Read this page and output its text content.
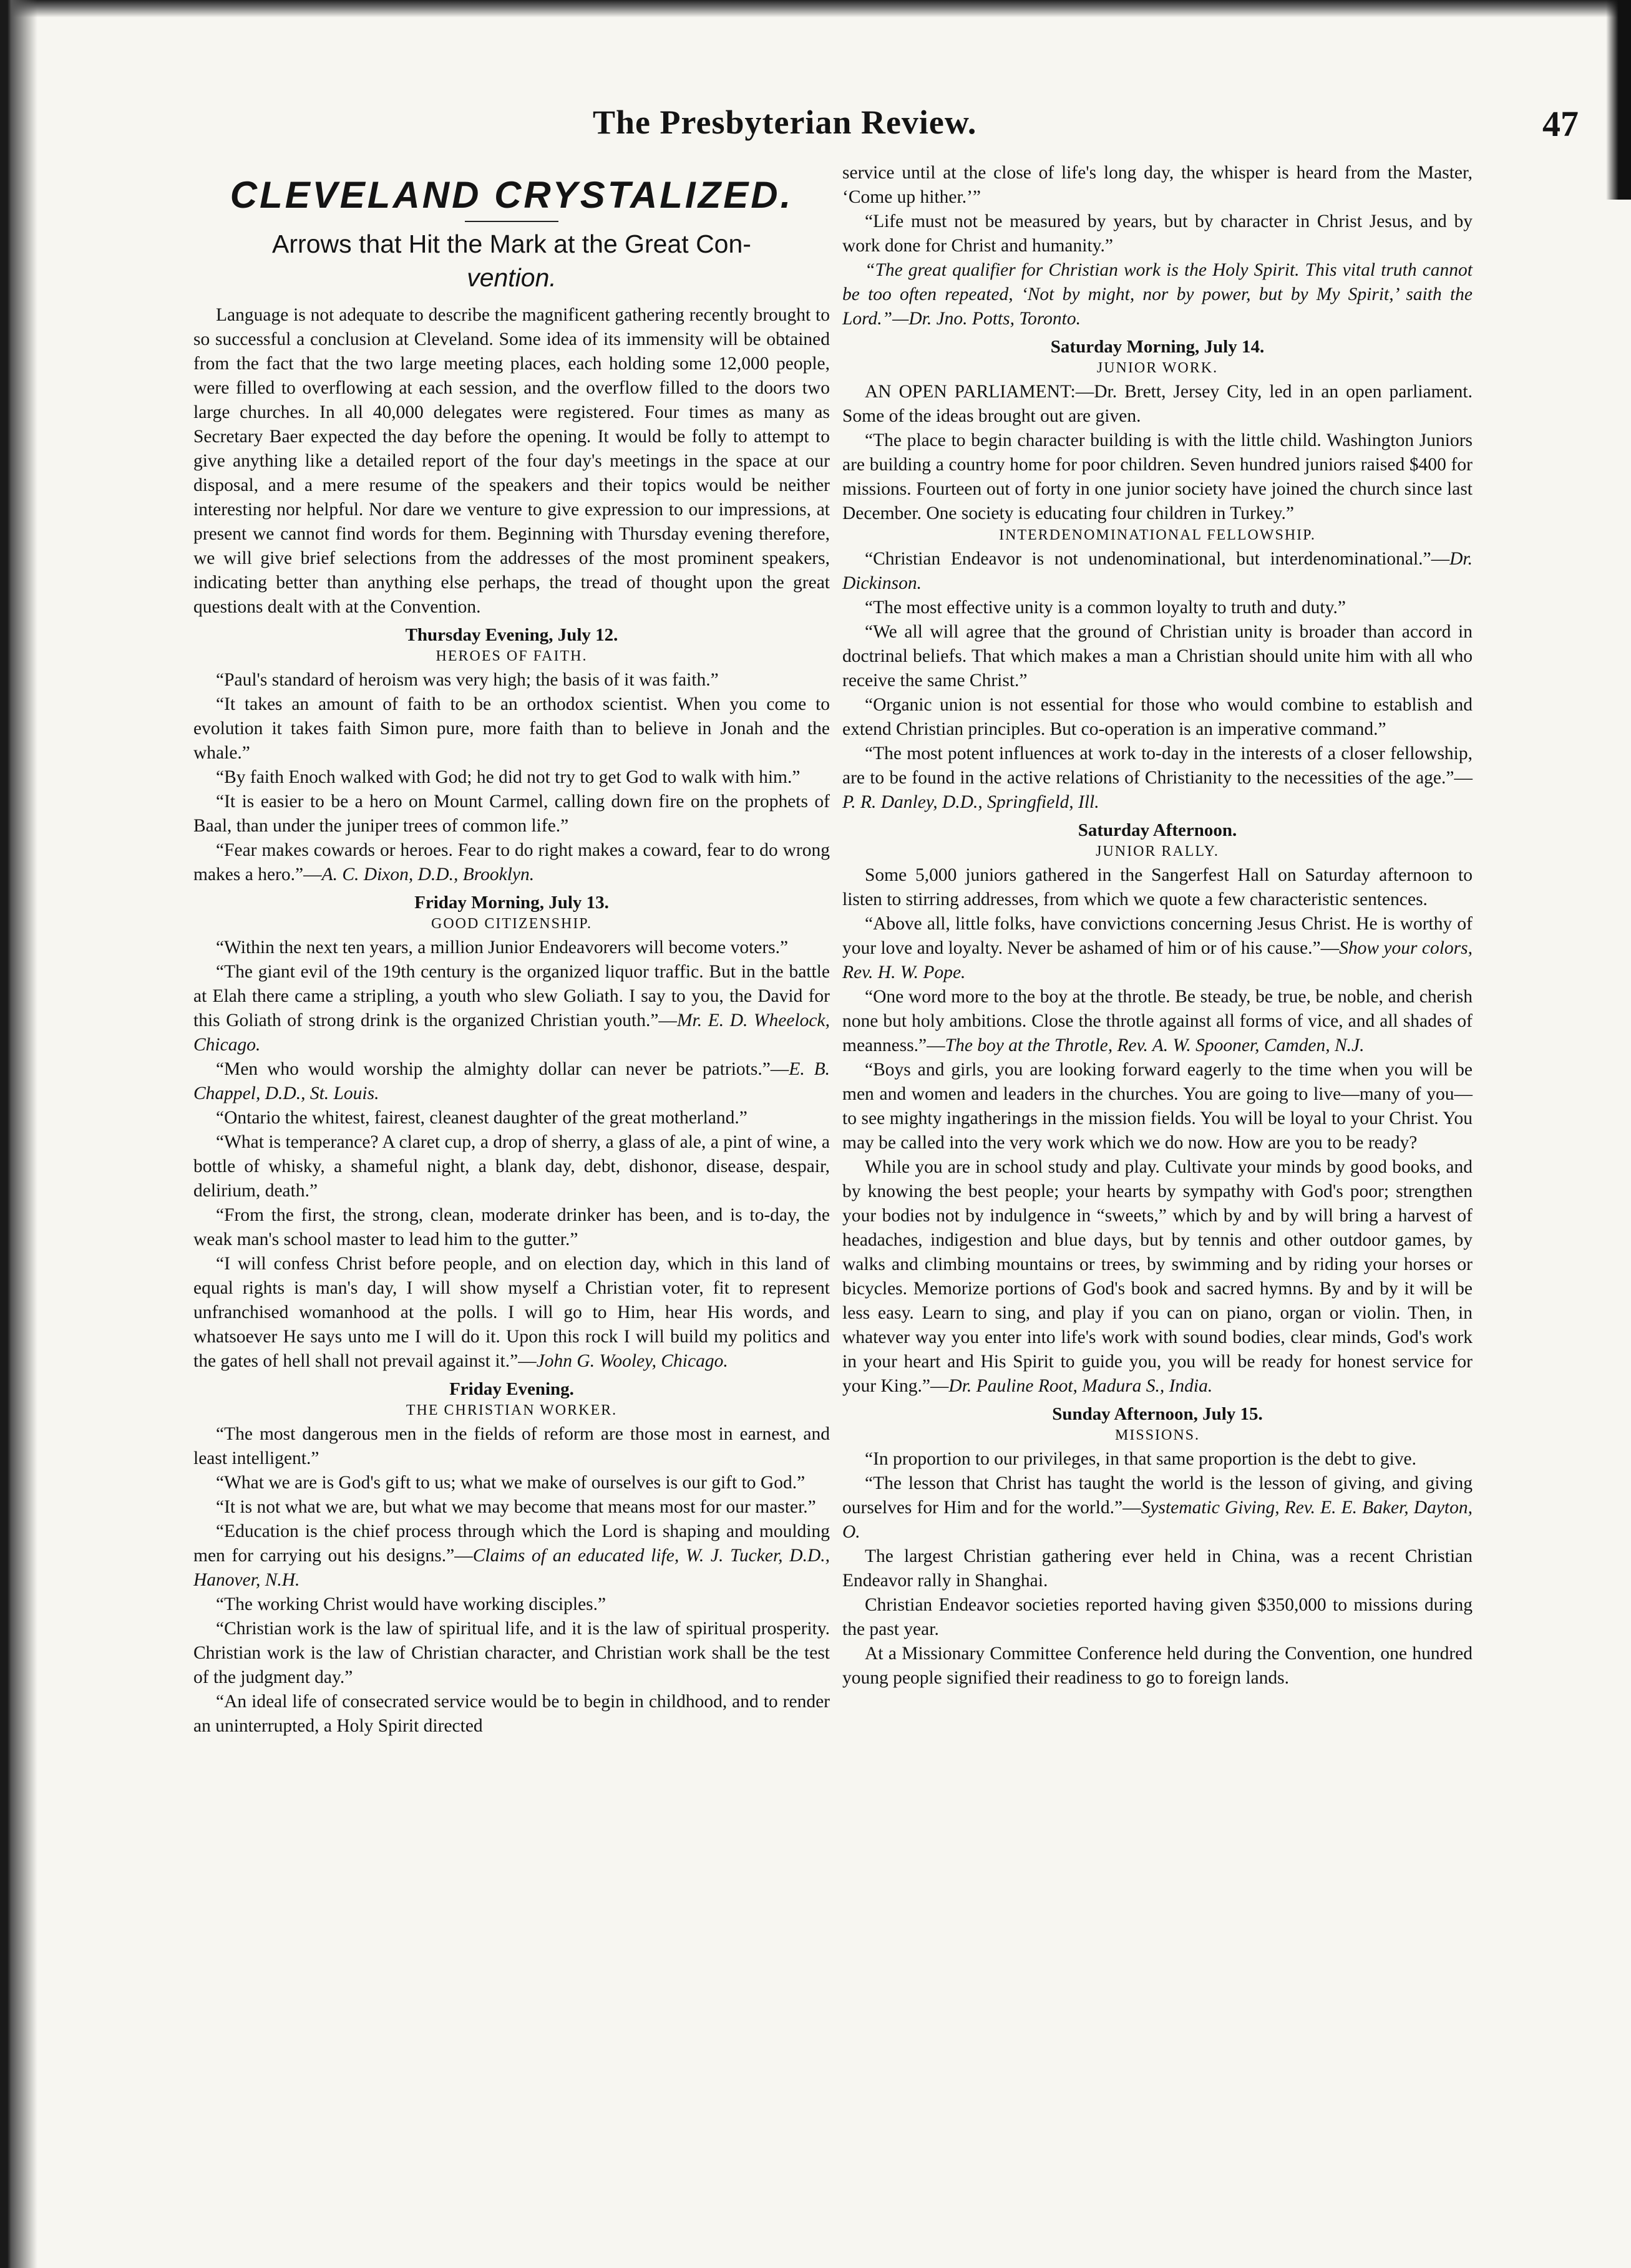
The Presbyterian Review.	47
CLEVELAND CRYSTALIZED.
Arrows that Hit the Mark at the Great Con-
vention.

Language is not adequate to describe the magnificent gathering recently brought to so successful a conclusion at Cleveland. Some idea of its immensity will be obtained from the fact that the two large meeting places, each holding some 12,000 people, were filled to overflowing at each session, and the overflow filled to the doors two large churches. In all 40,000 delegates were registered. Four times as many as Secretary Baer expected the day before the opening. It would be folly to attempt to give anything like a detailed report of the four day's meetings in the space at our disposal, and a mere resume of the speakers and their topics would be neither interesting nor helpful. Nor dare we venture to give expression to our impressions, at present we cannot find words for them. Beginning with Thursday evening therefore, we will give brief selections from the addresses of the most prominent speakers, indicating better than anything else perhaps, the tread of thought upon the great questions dealt with at the Convention.

Thursday Evening, July 12.
HEROES OF FAITH.

“Paul's standard of heroism was very high; the basis of it was faith.”

“It takes an amount of faith to be an orthodox scientist. When you come to evolution it takes faith Simon pure, more faith than to believe in Jonah and the whale.”

“By faith Enoch walked with God; he did not try to get God to walk with him.”

“It is easier to be a hero on Mount Carmel, calling down fire on the prophets of Baal, than under the juniper trees of common life.”

“Fear makes cowards or heroes. Fear to do right makes a coward, fear to do wrong makes a hero.”—A. C. Dixon, D.D., Brooklyn.

Friday Morning, July 13.
GOOD CITIZENSHIP.

“Within the next ten years, a million Junior Endeavorers will become voters.”

“The giant evil of the 19th century is the organized liquor traffic. But in the battle at Elah there came a stripling, a youth who slew Goliath. I say to you, the David for this Goliath of strong drink is the organized Christian youth.”—Mr. E. D. Wheelock, Chicago.

“Men who would worship the almighty dollar can never be patriots.”—E. B. Chappel, D.D., St. Louis.

“Ontario the whitest, fairest, cleanest daughter of the great motherland.”

“What is temperance? A claret cup, a drop of sherry, a glass of ale, a pint of wine, a bottle of whisky, a shameful night, a blank day, debt, dishonor, disease, despair, delirium, death.”

“From the first, the strong, clean, moderate drinker has been, and is to-day, the weak man's school master to lead him to the gutter.”

“I will confess Christ before people, and on election day, which in this land of equal rights is man's day, I will show myself a Christian voter, fit to represent unfranchised womanhood at the polls. I will go to Him, hear His words, and whatsoever He says unto me I will do it. Upon this rock I will build my politics and the gates of hell shall not prevail against it.”—John G. Wooley, Chicago.

Friday Evening.
THE CHRISTIAN WORKER.

“The most dangerous men in the fields of reform are those most in earnest, and least intelligent.”

“What we are is God's gift to us; what we make of ourselves is our gift to God.”

“It is not what we are, but what we may become that means most for our master.”

“Education is the chief process through which the Lord is shaping and moulding men for carrying out his designs.”—Claims of an educated life, W. J. Tucker, D.D., Hanover, N.H.

“The working Christ would have working disciples.”

“Christian work is the law of spiritual life, and it is the law of spiritual prosperity. Christian work is the law of Christian character, and Christian work shall be the test of the judgment day.”

“An ideal life of consecrated service would be to begin in childhood, and to render an uninterrupted, a Holy Spirit directed

service until at the close of life's long day, the whisper is heard from the Master, ‘Come up hither.’”

“Life must not be measured by years, but by character in Christ Jesus, and by work done for Christ and humanity.”

“The great qualifier for Christian work is the Holy Spirit. This vital truth cannot be too often repeated, ‘Not by might, nor by power, but by My Spirit,’ saith the Lord.”—Dr. Jno. Potts, Toronto.

Saturday Morning, July 14.
JUNIOR WORK.

AN OPEN PARLIAMENT:—Dr. Brett, Jersey City, led in an open parliament. Some of the ideas brought out are given.

“The place to begin character building is with the little child. Washington Juniors are building a country home for poor children. Seven hundred juniors raised $400 for missions. Fourteen out of forty in one junior society have joined the church since last December. One society is educating four children in Turkey.”

INTERDENOMINATIONAL FELLOWSHIP.

“Christian Endeavor is not undenominational, but interdenominational.”—Dr. Dickinson.

“The most effective unity is a common loyalty to truth and duty.”

“We all will agree that the ground of Christian unity is broader than accord in doctrinal beliefs. That which makes a man a Christian should unite him with all who receive the same Christ.”

“Organic union is not essential for those who would combine to establish and extend Christian principles. But co-operation is an imperative command.”

“The most potent influences at work to-day in the interests of a closer fellowship, are to be found in the active relations of Christianity to the necessities of the age.”—P. R. Danley, D.D., Springfield, Ill.

Saturday Afternoon.
JUNIOR RALLY.

Some 5,000 juniors gathered in the Sangerfest Hall on Saturday afternoon to listen to stirring addresses, from which we quote a few characteristic sentences.

“Above all, little folks, have convictions concerning Jesus Christ. He is worthy of your love and loyalty. Never be ashamed of him or of his cause.”—Show your colors, Rev. H. W. Pope.

“One word more to the boy at the throtle. Be steady, be true, be noble, and cherish none but holy ambitions. Close the throtle against all forms of vice, and all shades of meanness.”—The boy at the Throtle, Rev. A. W. Spooner, Camden, N.J.

“Boys and girls, you are looking forward eagerly to the time when you will be men and women and leaders in the churches. You are going to live—many of you—to see mighty ingatherings in the mission fields. You will be loyal to your Christ. You may be called into the very work which we do now. How are you to be ready?

While you are in school study and play. Cultivate your minds by good books, and by knowing the best people; your hearts by sympathy with God's poor; strengthen your bodies not by indulgence in “sweets,” which by and by will bring a harvest of headaches, indigestion and blue days, but by tennis and other outdoor games, by walks and climbing mountains or trees, by swimming and by riding your horses or bicycles. Memorize portions of God's book and sacred hymns. By and by it will be less easy. Learn to sing, and play if you can on piano, organ or violin. Then, in whatever way you enter into life's work with sound bodies, clear minds, God's work in your heart and His Spirit to guide you, you will be ready for honest service for your King.”—Dr. Pauline Root, Madura S., India.

Sunday Afternoon, July 15.
MISSIONS.

“In proportion to our privileges, in that same proportion is the debt to give.

“The lesson that Christ has taught the world is the lesson of giving, and giving ourselves for Him and for the world.”—Systematic Giving, Rev. E. E. Baker, Dayton, O.

The largest Christian gathering ever held in China, was a recent Christian Endeavor rally in Shanghai.

Christian Endeavor societies reported having given $350,000 to missions during the past year.

At a Missionary Committee Conference held during the Convention, one hundred young people signified their readiness to go to foreign lands.
